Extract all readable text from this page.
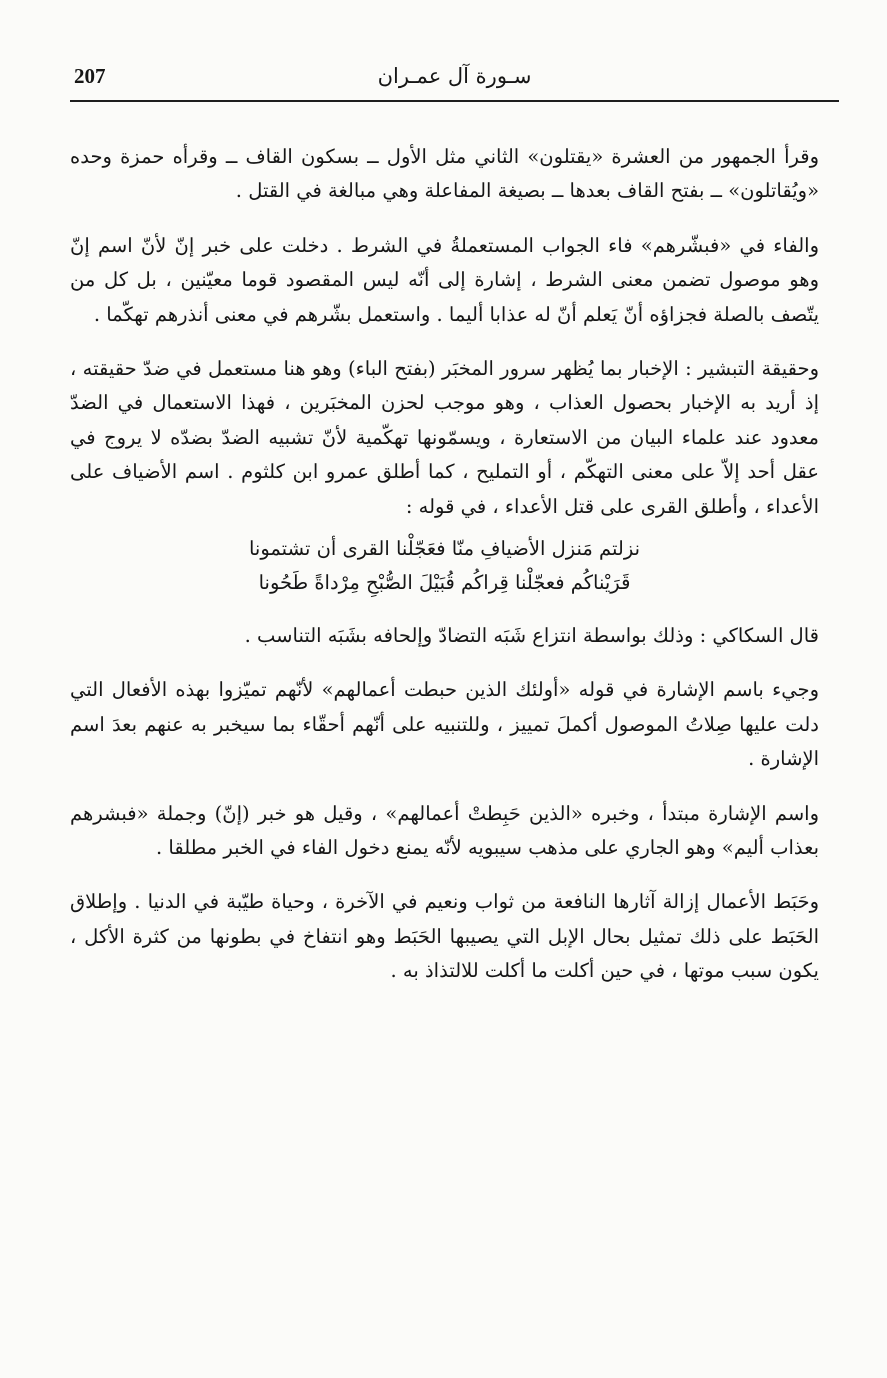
207	سـورة آل عمـران

وقرأ الجمهور من العشرة «يقتلون» الثاني مثل الأول ــ بسكون القاف ــ وقرأه حمزة وحده «ويُقاتلون» ــ بفتح القاف بعدها ــ بصيغة المفاعلة وهي مبالغة في القتل .

والفاء في «فبشّرهم» فاء الجواب المستعملةُ في الشرط . دخلت على خبر إنّ لأنّ اسم إنّ وهو موصول تضمن معنى الشرط ، إشارة إلى أنّه ليس المقصود قوما معيّنين ، بل كل من يتّصف بالصلة فجزاؤه أنّ يَعلم أنّ له عذابا أليما . واستعمل بشّرهم في معنى أنذرهم تهكّما .

وحقيقة التبشير : الإخبار بما يُظهر سرور المخبَر (بفتح الباء) وهو هنا مستعمل في ضدّ حقيقته ، إذ أريد به الإخبار بحصول العذاب ، وهو موجب لحزن المخبَرين ، فهذا الاستعمال في الضدّ معدود عند علماء البيان من الاستعارة ، ويسمّونها تهكّمية لأنّ تشبيه الضدّ بضدّه لا يروج في عقل أحد إلاّ على معنى التهكّم ، أو التمليح ، كما أطلق عمرو ابن كلثوم . اسم الأضياف على الأعداء ، وأطلق القرى على قتل الأعداء ، في قوله :

نزلتم مَنزل الأضيافِ منّا فعَجّلْنا القرى أن تشتمونا
قَرَيْناكُم فعجّلْنا قِراكُم قُبَيْلَ الصُّبْحِ مِرْداةً طَحُونا

قال السكاكي : وذلك بواسطة انتزاع شَبَه التضادّ وإلحافه بشَبَه التناسب .

وجيء باسم الإشارة في قوله «أولئك الذين حبطت أعمالهم» لأنّهم تميّزوا بهذه الأفعال التي دلت عليها صِلاتُ الموصول أكملَ تمييز ، وللتنبيه على أنّهم أحقّاء بما سيخبر به عنهم بعدَ اسم الإشارة .

واسم الإشارة مبتدأ ، وخبره «الذين حَبِطتْ أعمالهم» ، وقيل هو خبر (إنّ) وجملة «فبشرهم بعذاب أليم» وهو الجاري على مذهب سيبويه لأنّه يمنع دخول الفاء في الخبر مطلقا .

وحَبَط الأعمال إزالة آثارها النافعة من ثواب ونعيم في الآخرة ، وحياة طيّبة في الدنيا . وإطلاق الحَبَط على ذلك تمثيل بحال الإبل التي يصيبها الحَبَط وهو انتفاخ في بطونها من كثرة الأكل ، يكون سبب موتها ، في حين أكلت ما أكلت للالتذاذ به .
